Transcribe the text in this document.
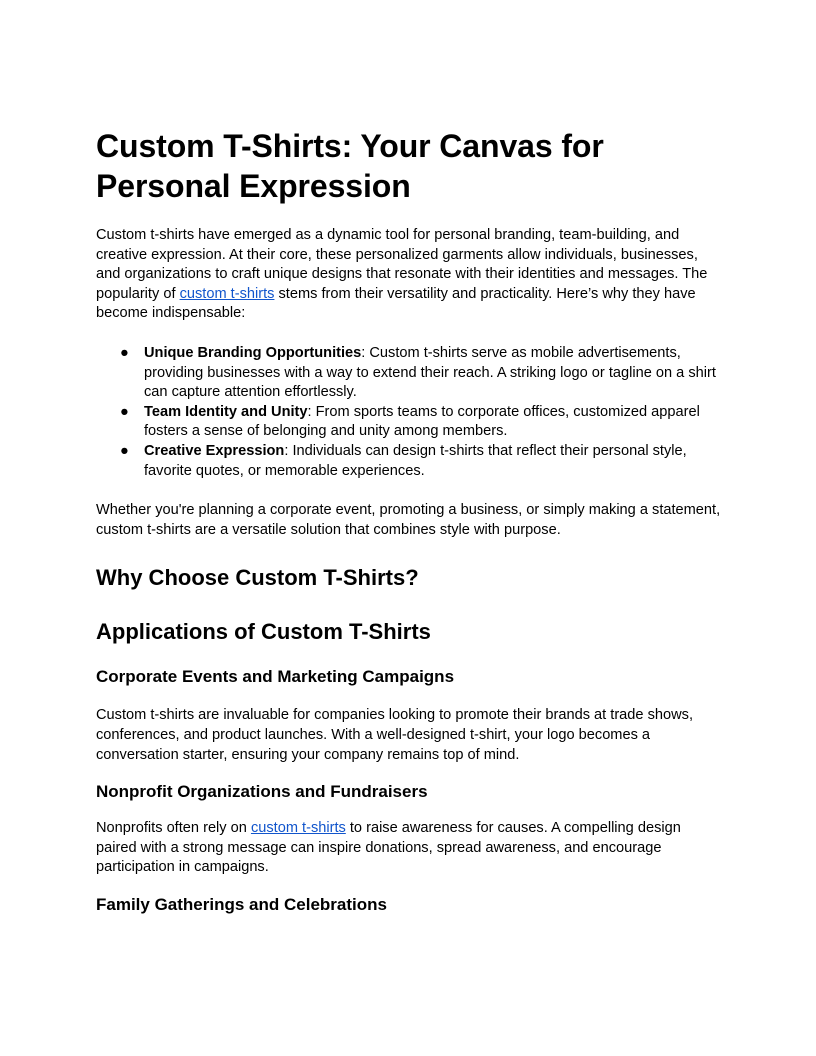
Custom T-Shirts: Your Canvas for Personal Expression

Custom t-shirts have emerged as a dynamic tool for personal branding, team-building, and creative expression. At their core, these personalized garments allow individuals, businesses, and organizations to craft unique designs that resonate with their identities and messages. The popularity of custom t-shirts stems from their versatility and practicality. Here’s why they have become indispensable:

● Unique Branding Opportunities: Custom t-shirts serve as mobile advertisements, providing businesses with a way to extend their reach. A striking logo or tagline on a shirt can capture attention effortlessly.
● Team Identity and Unity: From sports teams to corporate offices, customized apparel fosters a sense of belonging and unity among members.
● Creative Expression: Individuals can design t-shirts that reflect their personal style, favorite quotes, or memorable experiences.

Whether you're planning a corporate event, promoting a business, or simply making a statement, custom t-shirts are a versatile solution that combines style with purpose.

Why Choose Custom T-Shirts?
Applications of Custom T-Shirts
Corporate Events and Marketing Campaigns

Custom t-shirts are invaluable for companies looking to promote their brands at trade shows, conferences, and product launches. With a well-designed t-shirt, your logo becomes a conversation starter, ensuring your company remains top of mind.

Nonprofit Organizations and Fundraisers

Nonprofits often rely on custom t-shirts to raise awareness for causes. A compelling design paired with a strong message can inspire donations, spread awareness, and encourage participation in campaigns.

Family Gatherings and Celebrations
